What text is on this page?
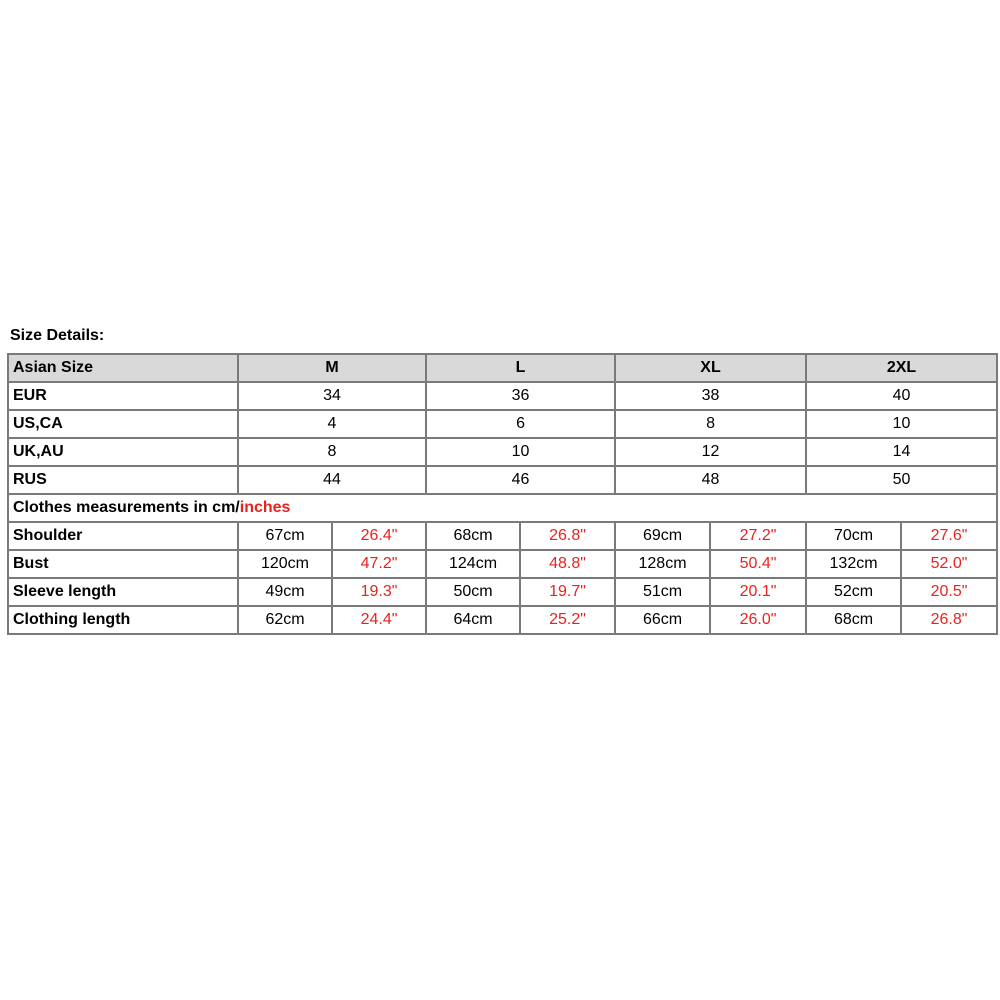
Size Details:
Asian Size	M		L		XL		2XL	
EUR	34		36		38		40	
US,CA	4		6		8		10	
UK,AU	8		10		12		14	
RUS	44		46		48		50	
Clothes measurements in cm/inches								
Shoulder	67cm	26.4"	68cm	26.8"	69cm	27.2"	70cm	27.6"
Bust	120cm	47.2"	124cm	48.8"	128cm	50.4"	132cm	52.0"
Sleeve length	49cm	19.3"	50cm	19.7"	51cm	20.1"	52cm	20.5"
Clothing length	62cm	24.4"	64cm	25.2"	66cm	26.0"	68cm	26.8"
